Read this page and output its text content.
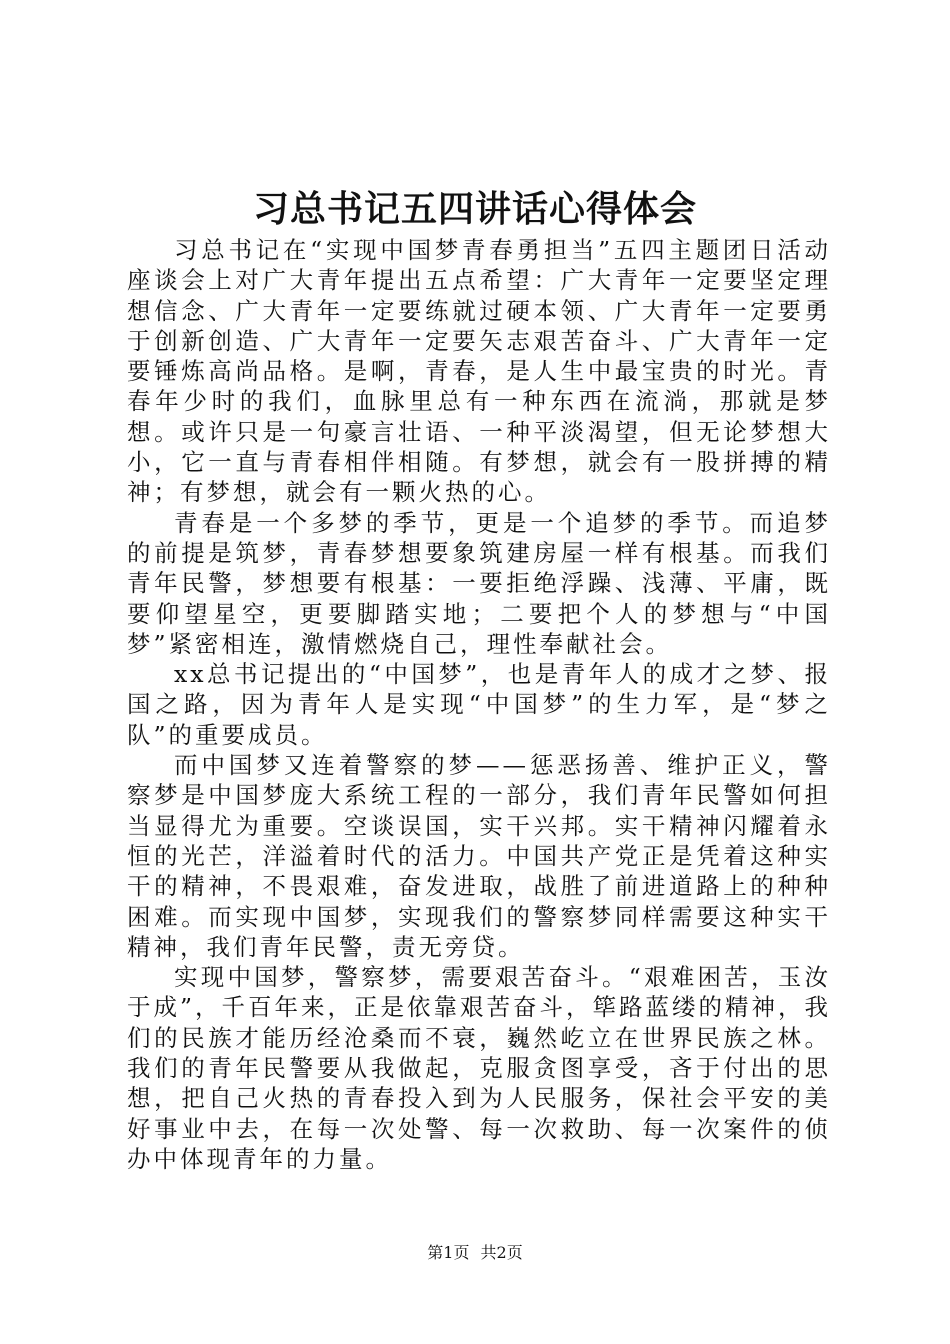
习总书记五四讲话心得体会

习总书记在“实现中国梦青春勇担当”五四主题团日活动座谈会上对广大青年提出五点希望：广大青年一定要坚定理想信念、广大青年一定要练就过硬本领、广大青年一定要勇于创新创造、广大青年一定要矢志艰苦奋斗、广大青年一定要锤炼高尚品格。是啊，青春，是人生中最宝贵的时光。青春年少时的我们，血脉里总有一种东西在流淌，那就是梦想。或许只是一句豪言壮语、一种平淡渴望，但无论梦想大小，它一直与青春相伴相随。有梦想，就会有一股拼搏的精神；有梦想，就会有一颗火热的心。

青春是一个多梦的季节，更是一个追梦的季节。而追梦的前提是筑梦，青春梦想要象筑建房屋一样有根基。而我们青年民警，梦想要有根基：一要拒绝浮躁、浅薄、平庸，既要仰望星空，更要脚踏实地；二要把个人的梦想与“中国梦”紧密相连，激情燃烧自己，理性奉献社会。

xx总书记提出的“中国梦”，也是青年人的成才之梦、报国之路，因为青年人是实现“中国梦”的生力军，是“梦之队”的重要成员。

而中国梦又连着警察的梦——惩恶扬善、维护正义，警察梦是中国梦庞大系统工程的一部分，我们青年民警如何担当显得尤为重要。空谈误国，实干兴邦。实干精神闪耀着永恒的光芒，洋溢着时代的活力。中国共产党正是凭着这种实干的精神，不畏艰难，奋发进取，战胜了前进道路上的种种困难。而实现中国梦，实现我们的警察梦同样需要这种实干精神，我们青年民警，责无旁贷。

实现中国梦，警察梦，需要艰苦奋斗。“艰难困苦，玉汝于成”，千百年来，正是依靠艰苦奋斗，筚路蓝缕的精神，我们的民族才能历经沧桑而不衰，巍然屹立在世界民族之林。我们的青年民警要从我做起，克服贪图享受，吝于付出的思想，把自己火热的青春投入到为人民服务，保社会平安的美好事业中去，在每一次处警、每一次救助、每一次案件的侦办中体现青年的力量。

第1页 共2页
